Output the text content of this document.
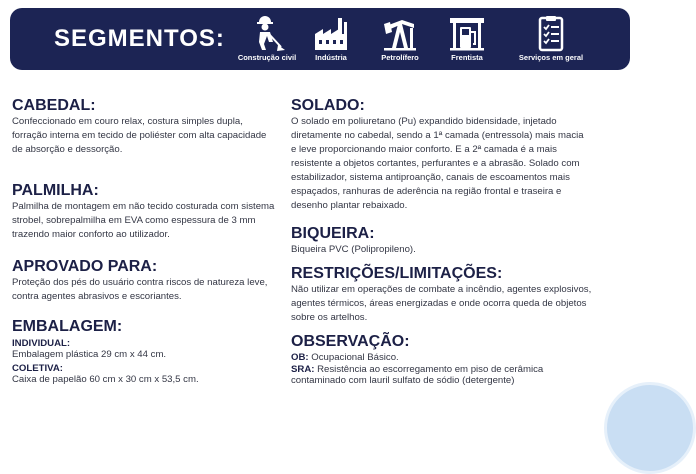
SEGMENTOS:
Construção civil	Indústria	Petrolífero	Frentista	Serviços em geral
CABEDAL:

Confeccionado em couro relax, costura simples dupla,

forração interna em tecido de poliéster com alta capacidade

de absorção e dessorção.

PALMILHA:

Palmilha de montagem em não tecido costurada com sistema

strobel, sobrepalmilha em EVA como espessura de 3 mm

trazendo maior conforto ao utilizador.

APROVADO PARA:

Proteção dos pés do usuário contra riscos de natureza leve,

contra agentes abrasivos e escoriantes.

EMBALAGEM:

INDIVIDUAL:

Embalagem plástica 29 cm x 44 cm.

COLETIVA:

Caixa de papelão 60 cm x 30 cm x 53,5 cm.

SOLADO:

O solado em poliuretano (Pu) expandido bidensidade, injetado

diretamente no cabedal, sendo a 1ª camada (entressola) mais macia

e leve proporcionando maior conforto. E a 2ª camada é a mais

resistente a objetos cortantes, perfurantes e a abrasão. Solado com

estabilizador, sistema antiproanção, canais de escoamentos mais

espaçados, ranhuras de aderência na região frontal e traseira e

desenho plantar rebaixado.

BIQUEIRA:

Biqueira PVC (Polipropileno).

RESTRIÇÕES/LIMITAÇÕES:

Não utilizar em operações de combate a incêndio, agentes explosivos,

agentes térmicos, áreas energizadas e onde ocorra queda de objetos

sobre os artelhos.

OBSERVAÇÃO:

OB: Ocupacional Básico.

SRA: Resistência ao escorregamento em piso de cerâmica

contaminado com lauril sulfato de sódio (detergente)
